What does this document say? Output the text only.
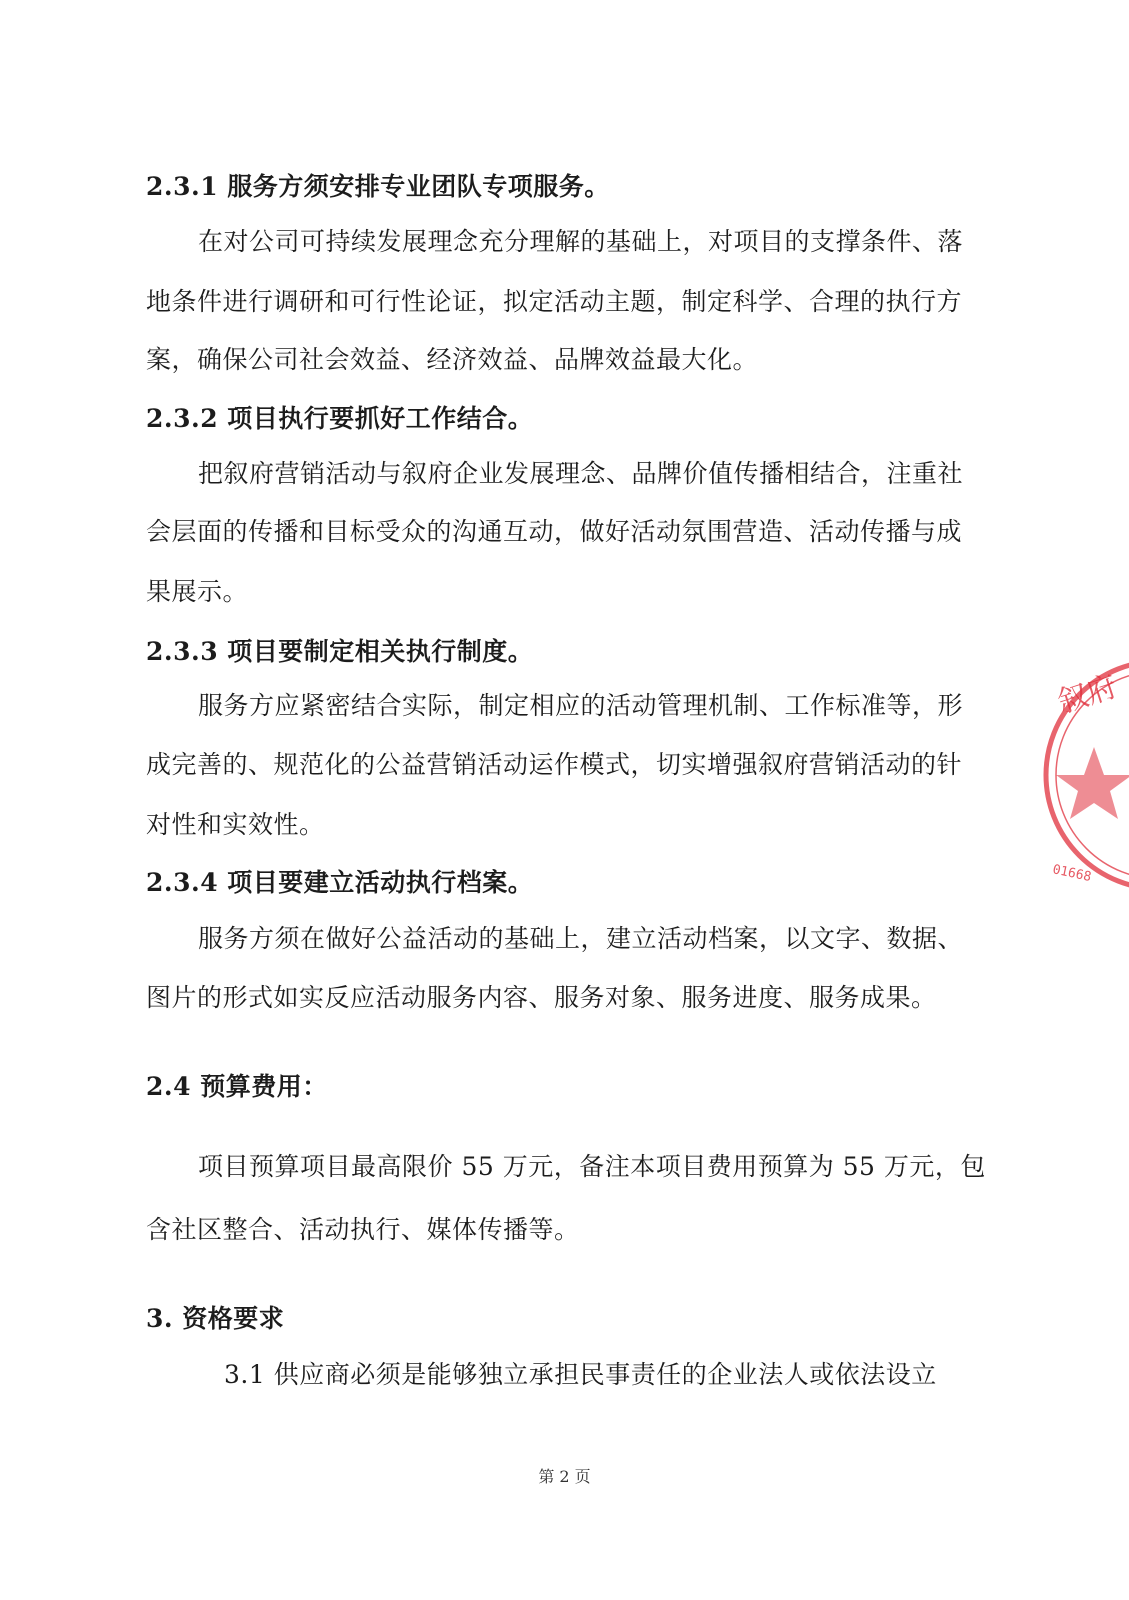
2.3.1 服务方须安排专业团队专项服务。
在对公司可持续发展理念充分理解的基础上，对项目的支撑条件、落
地条件进行调研和可行性论证，拟定活动主题，制定科学、合理的执行方
案，确保公司社会效益、经济效益、品牌效益最大化。
2.3.2 项目执行要抓好工作结合。
把叙府营销活动与叙府企业发展理念、品牌价值传播相结合，注重社
会层面的传播和目标受众的沟通互动，做好活动氛围营造、活动传播与成
果展示。
2.3.3 项目要制定相关执行制度。
服务方应紧密结合实际，制定相应的活动管理机制、工作标准等，形
成完善的、规范化的公益营销活动运作模式，切实增强叙府营销活动的针
对性和实效性。
2.3.4 项目要建立活动执行档案。
服务方须在做好公益活动的基础上，建立活动档案，以文字、数据、
图片的形式如实反应活动服务内容、服务对象、服务进度、服务成果。
2.4 预算费用：
项目预算项目最高限价 55 万元，备注本项目费用预算为 55 万元，包
含社区整合、活动执行、媒体传播等。
3. 资格要求
3.1 供应商必须是能够独立承担民事责任的企业法人或依法设立
第 2 页
叙府
01668
